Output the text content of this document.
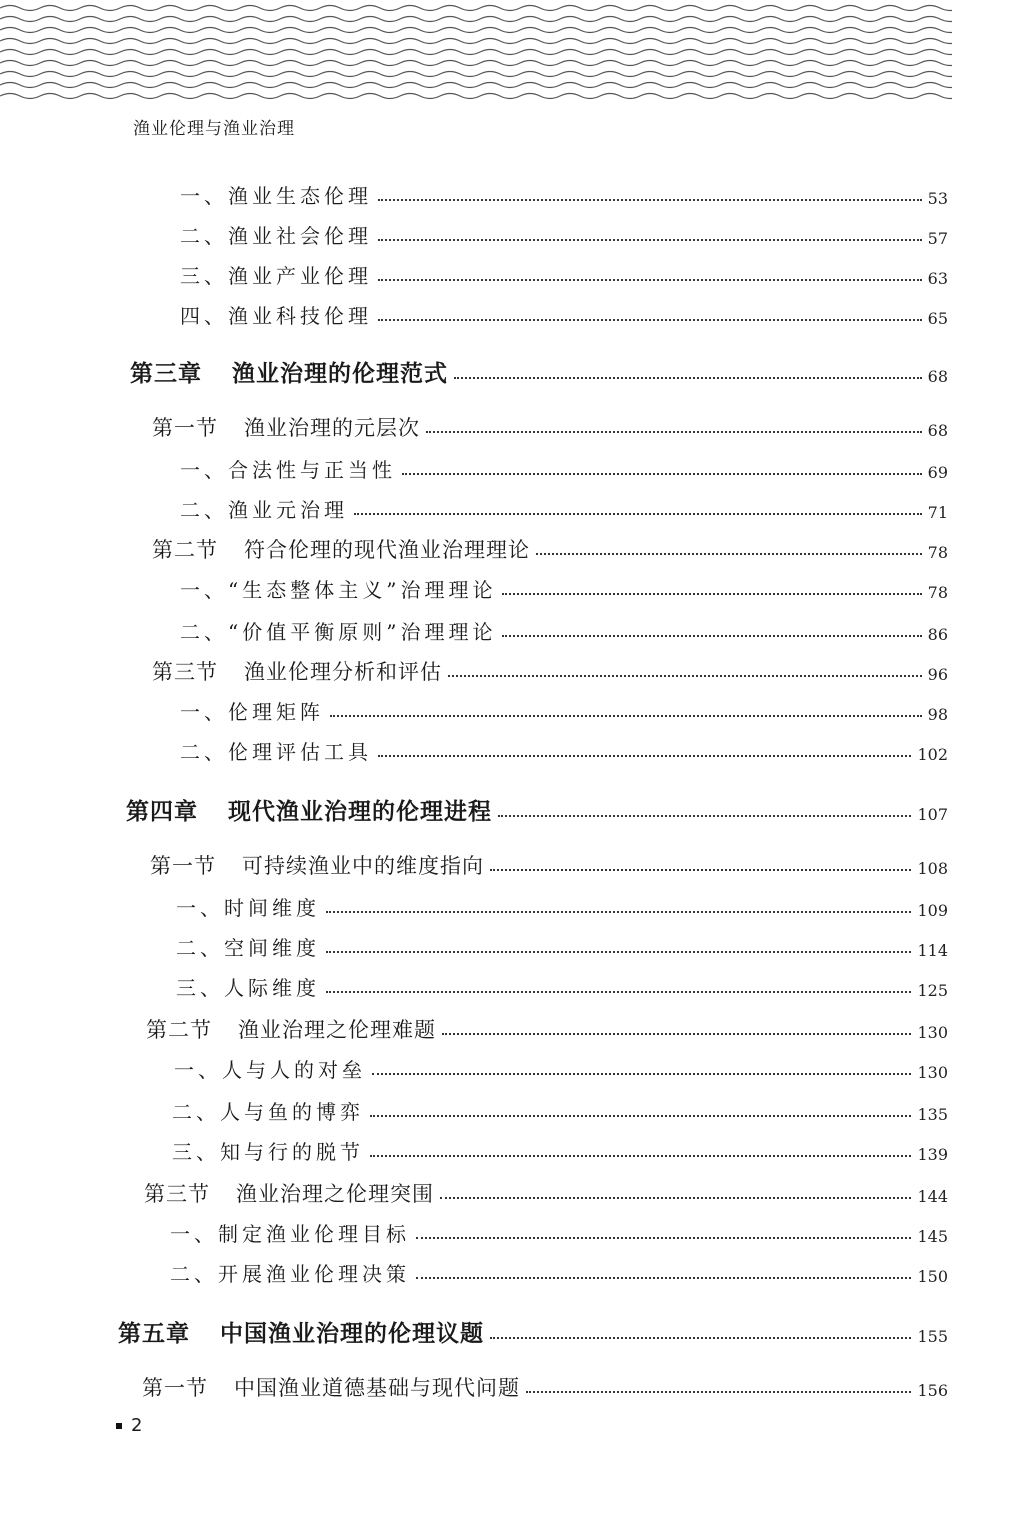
渔业伦理与渔业治理
一、渔业生态伦理	53
二、渔业社会伦理	57
三、渔业产业伦理	63
四、渔业科技伦理	65
第三章 渔业治理的伦理范式	68
第一节 渔业治理的元层次	68
一、合法性与正当性	69
二、渔业元治理	71
第二节 符合伦理的现代渔业治理理论	78
一、“生态整体主义”治理理论	78
二、“价值平衡原则”治理理论	86
第三节 渔业伦理分析和评估	96
一、伦理矩阵	98
二、伦理评估工具	102
第四章 现代渔业治理的伦理进程	107
第一节 可持续渔业中的维度指向	108
一、时间维度	109
二、空间维度	114
三、人际维度	125
第二节 渔业治理之伦理难题	130
一、人与人的对垒	130
二、人与鱼的博弈	135
三、知与行的脱节	139
第三节 渔业治理之伦理突围	144
一、制定渔业伦理目标	145
二、开展渔业伦理决策	150
第五章 中国渔业治理的伦理议题	155
第一节 中国渔业道德基础与现代问题	156
2
